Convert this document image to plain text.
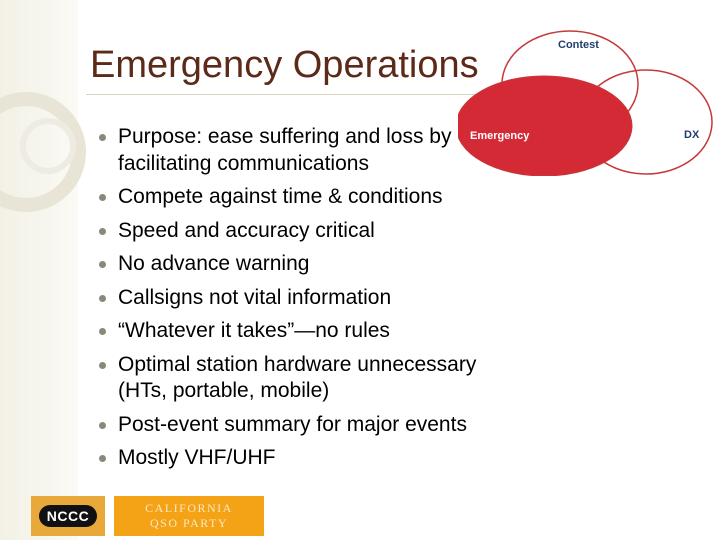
Emergency Operations	Contest
Emergency	DX
Purpose: ease suffering and loss by
facilitating communications
Compete against time & conditions
Speed and accuracy critical
No advance warning
Callsigns not vital information
“Whatever it takes”—no rules
Optimal station hardware unnecessary
(HTs, portable, mobile)
Post-event summary for major events
Mostly VHF/UHF
NCCC	CALIFORNIA
QSO PARTY
